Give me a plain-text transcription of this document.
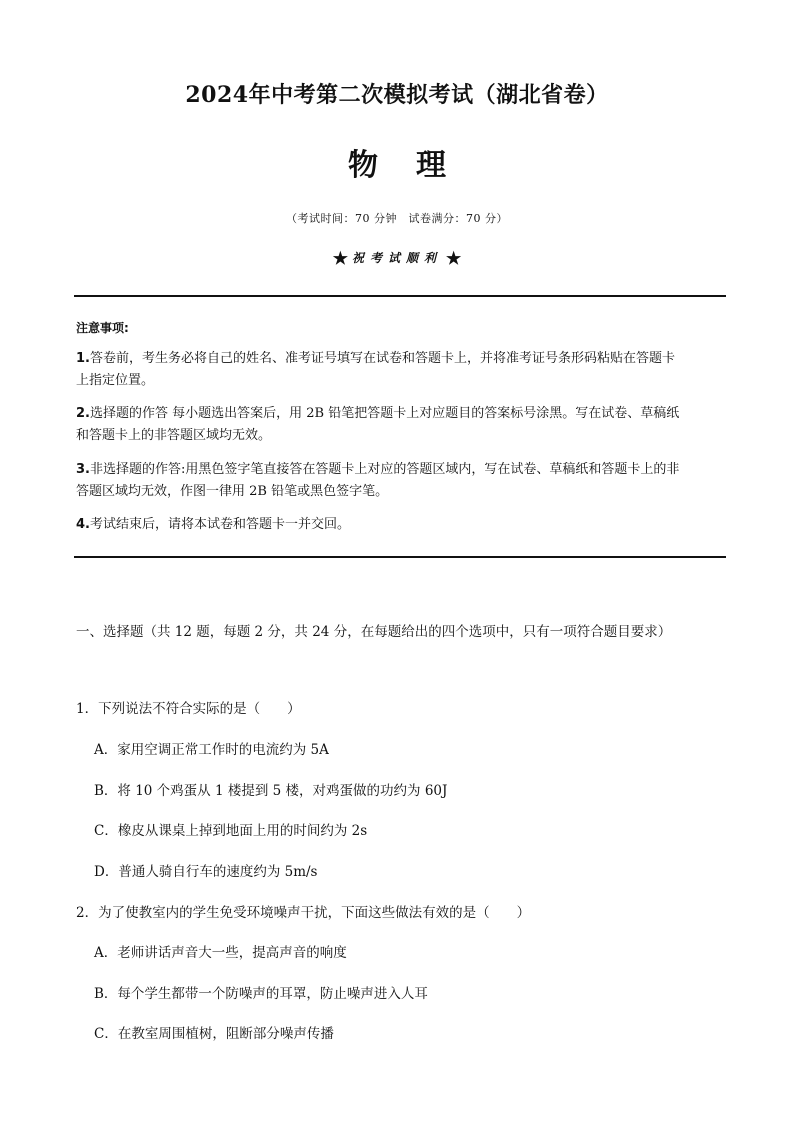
2024年中考第二次模拟考试（湖北省卷）
物 理
（考试时间：70 分钟　试卷满分：70 分）
★ 祝考试顺利 ★
注意事项:
1.答卷前，考生务必将自己的姓名、准考证号填写在试卷和答题卡上，并将准考证号条形码粘贴在答题卡
上指定位置。
2.选择题的作答 每小题选出答案后，用 2B 铅笔把答题卡上对应题目的答案标号涂黑。写在试卷、草稿纸
和答题卡上的非答题区域均无效。
3.非选择题的作答:用黑色签字笔直接答在答题卡上对应的答题区域内，写在试卷、草稿纸和答题卡上的非
答题区域均无效，作图一律用 2B 铅笔或黑色签字笔。
4.考试结束后，请将本试卷和答题卡一并交回。
一、选择题（共 12 题，每题 2 分，共 24 分，在每题给出的四个选项中，只有一项符合题目要求）
1．下列说法不符合实际的是（　　）
A．家用空调正常工作时的电流约为 5A
B．将 10 个鸡蛋从 1 楼提到 5 楼，对鸡蛋做的功约为 60J
C．橡皮从课桌上掉到地面上用的时间约为 2s
D．普通人骑自行车的速度约为 5m/s
2．为了使教室内的学生免受环境噪声干扰，下面这些做法有效的是（　　）
A．老师讲话声音大一些，提高声音的响度
B．每个学生都带一个防噪声的耳罩，防止噪声进入人耳
C．在教室周围植树，阻断部分噪声传播
